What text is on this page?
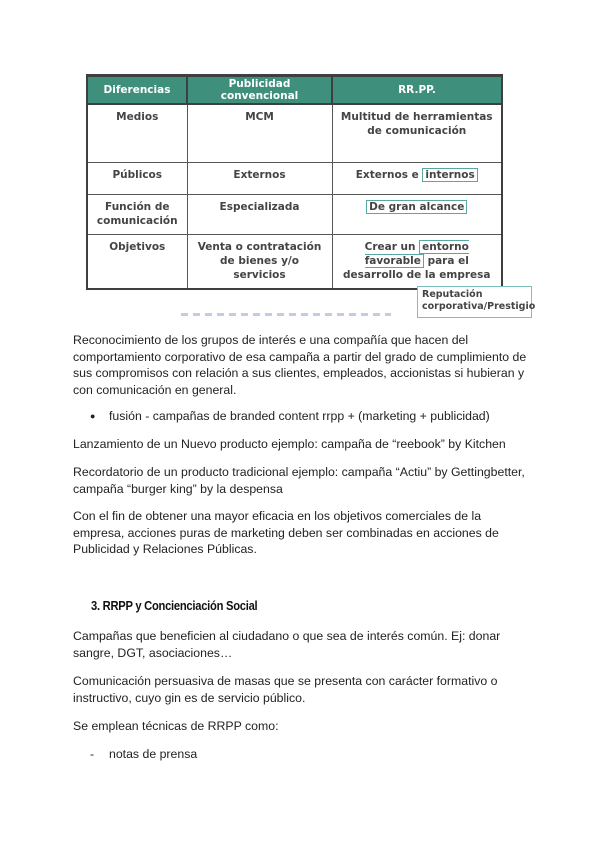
Diferencias	Publicidad convencional	RR.PP.
Medios	MCM	Multitud de herramientas de comunicación
Públicos	Externos	Externos e internos
Función de comunicación	Especializada	De gran alcance
Objetivos	Venta o contratación de bienes y/o servicios	Crear un entorno favorable para el desarrollo de la empresa
Reputación corporativa/Prestigio

Reconocimiento de los grupos de interés e una compañía que hacen del comportamiento corporativo de esa campaña a partir del grado de cumplimiento de sus compromisos con relación a sus clientes, empleados, accionistas si hubieran y con comunicación en general.

● fusión - campañas de branded content rrpp + (marketing + publicidad)

Lanzamiento de un Nuevo producto ejemplo: campaña de “reebook” by Kitchen

Recordatorio de un producto tradicional ejemplo: campaña “Actiu” by Gettingbetter, campaña “burger king” by la despensa

Con el fin de obtener una mayor eficacia en los objetivos comerciales de la empresa, acciones puras de marketing deben ser combinadas en acciones de Publicidad y Relaciones Públicas.

3. RRPP y Concienciación Social

Campañas que beneficien al ciudadano o que sea de interés común. Ej: donar sangre, DGT, asociaciones…

Comunicación persuasiva de masas que se presenta con carácter formativo o instructivo, cuyo gin es de servicio público.

Se emplean técnicas de RRPP como:

- notas de prensa
